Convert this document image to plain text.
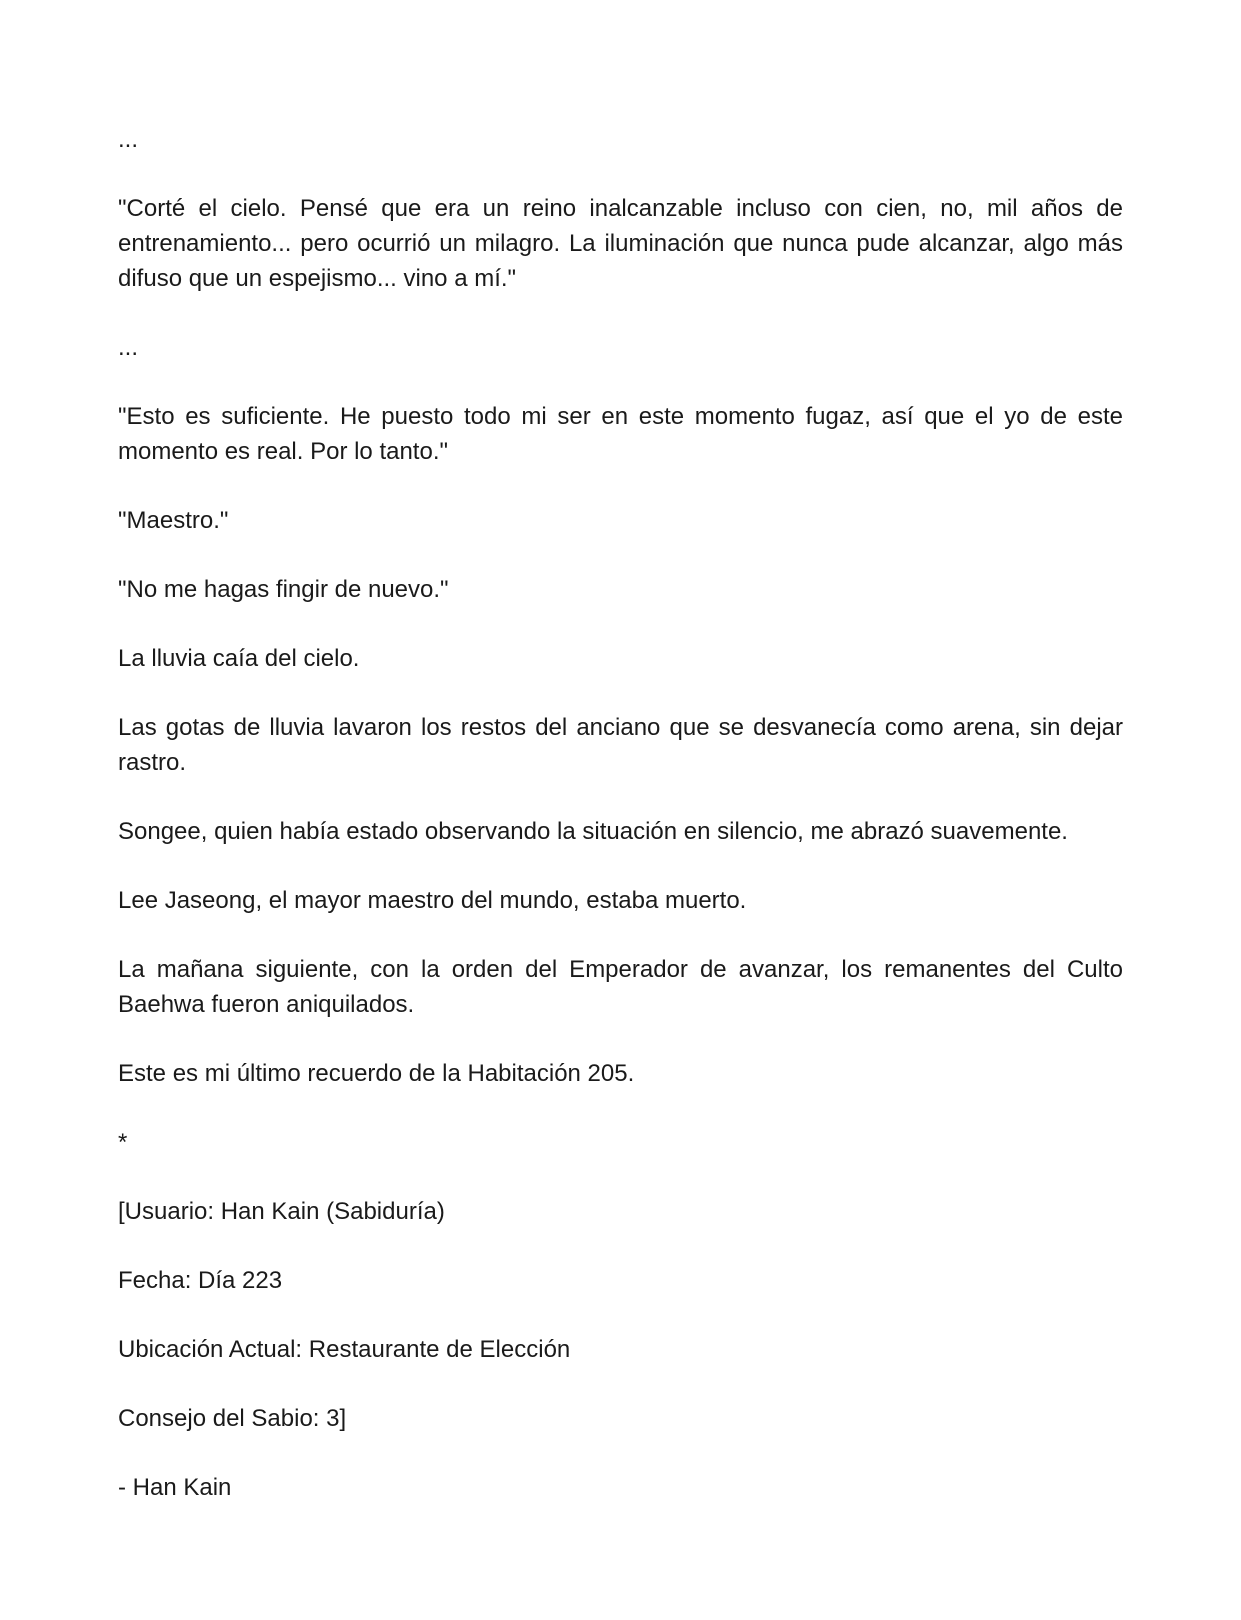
...

"Corté el cielo. Pensé que era un reino inalcanzable incluso con cien, no, mil años de entrenamiento... pero ocurrió un milagro. La iluminación que nunca pude alcanzar, algo más difuso que un espejismo... vino a mí."

...

"Esto es suficiente. He puesto todo mi ser en este momento fugaz, así que el yo de este momento es real. Por lo tanto."

"Maestro."

"No me hagas fingir de nuevo."

La lluvia caía del cielo.

Las gotas de lluvia lavaron los restos del anciano que se desvanecía como arena, sin dejar rastro.

Songee, quien había estado observando la situación en silencio, me abrazó suavemente.

Lee Jaseong, el mayor maestro del mundo, estaba muerto.

La mañana siguiente, con la orden del Emperador de avanzar, los remanentes del Culto Baehwa fueron aniquilados.

Este es mi último recuerdo de la Habitación 205.

*

[Usuario: Han Kain (Sabiduría)

Fecha: Día 223

Ubicación Actual: Restaurante de Elección

Consejo del Sabio: 3]

- Han Kain
